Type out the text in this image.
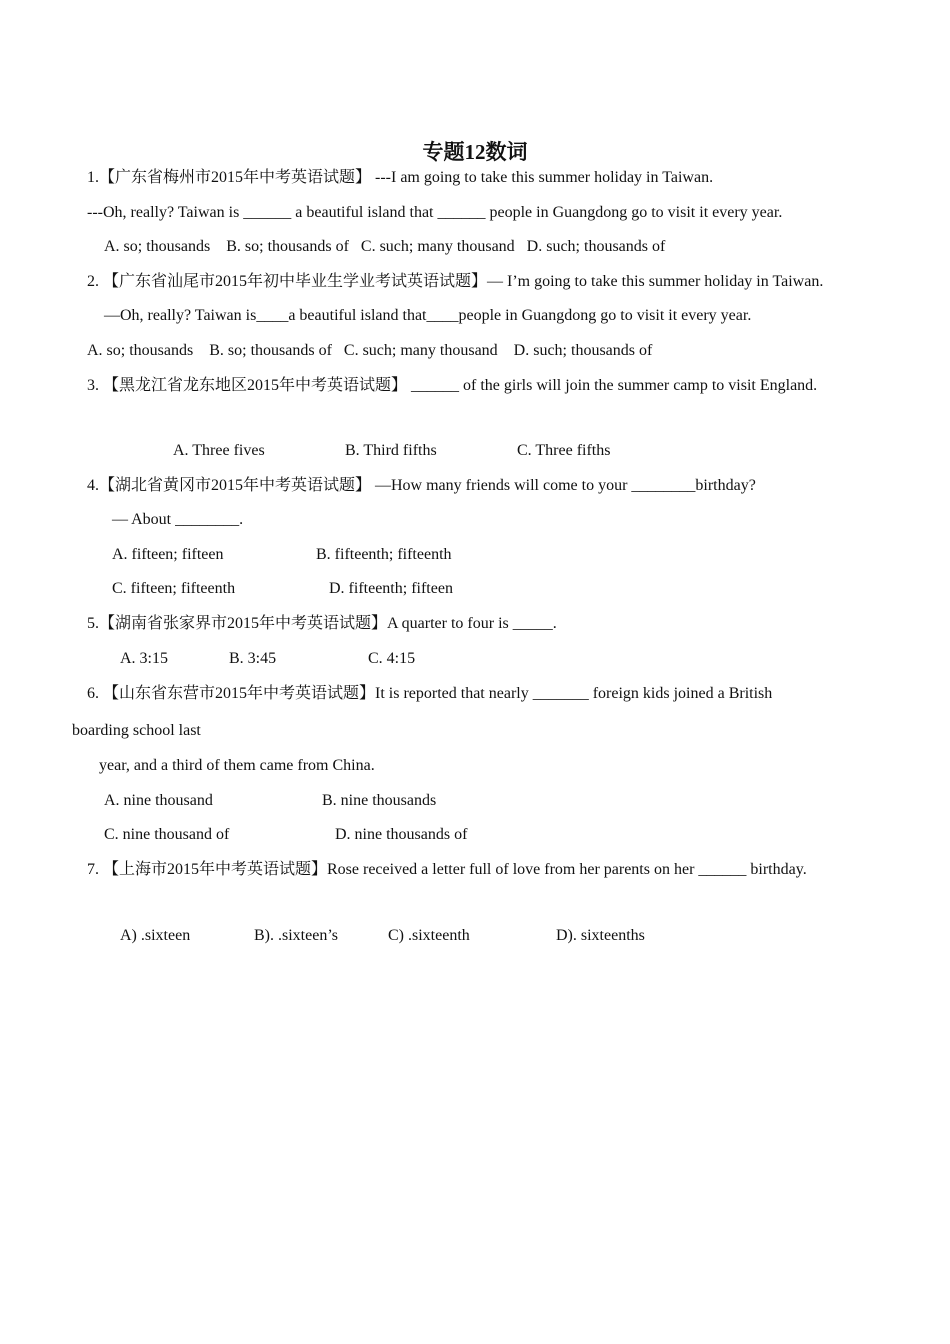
专题12数词
1.【广东省梅州市2015年中考英语试题】 ---I am going to take this summer holiday in Taiwan.
---Oh, really? Taiwan is ______ a beautiful island that ______ people in Guangdong go to visit it every year.
A. so; thousands    B. so; thousands of   C. such; many thousand   D. such; thousands of
2. 【广东省汕尾市2015年初中毕业生学业考试英语试题】— I’m going to take this summer holiday in Taiwan.
—Oh, really? Taiwan is____a beautiful island that____people in Guangdong go to visit it every year.
A. so; thousands    B. so; thousands of   C. such; many thousand    D. such; thousands of
3. 【黑龙江省龙东地区2015年中考英语试题】 ______ of the girls will join the summer camp to visit England.
A. Three fives	B. Third fifths	C. Three fifths
4.【湖北省黄冈市2015年中考英语试题】 —How many friends will come to your ________birthday?
— About ________.
A. fifteen; fifteen	B. fifteenth; fifteenth
C. fifteen; fifteenth	D. fifteenth; fifteen
5.【湖南省张家界市2015年中考英语试题】A quarter to four is _____.
A. 3:15	B. 3:45	C. 4:15
6. 【山东省东营市2015年中考英语试题】It is reported that nearly _______ foreign kids joined a British
boarding school last
year, and a third of them came from China.
A. nine thousand	B. nine thousands
C. nine thousand of	D. nine thousands of
7. 【上海市2015年中考英语试题】Rose received a letter full of love from her parents on her ______ birthday.
A) .sixteen	B). .sixteen’s	C) .sixteenth	D). sixteenths
